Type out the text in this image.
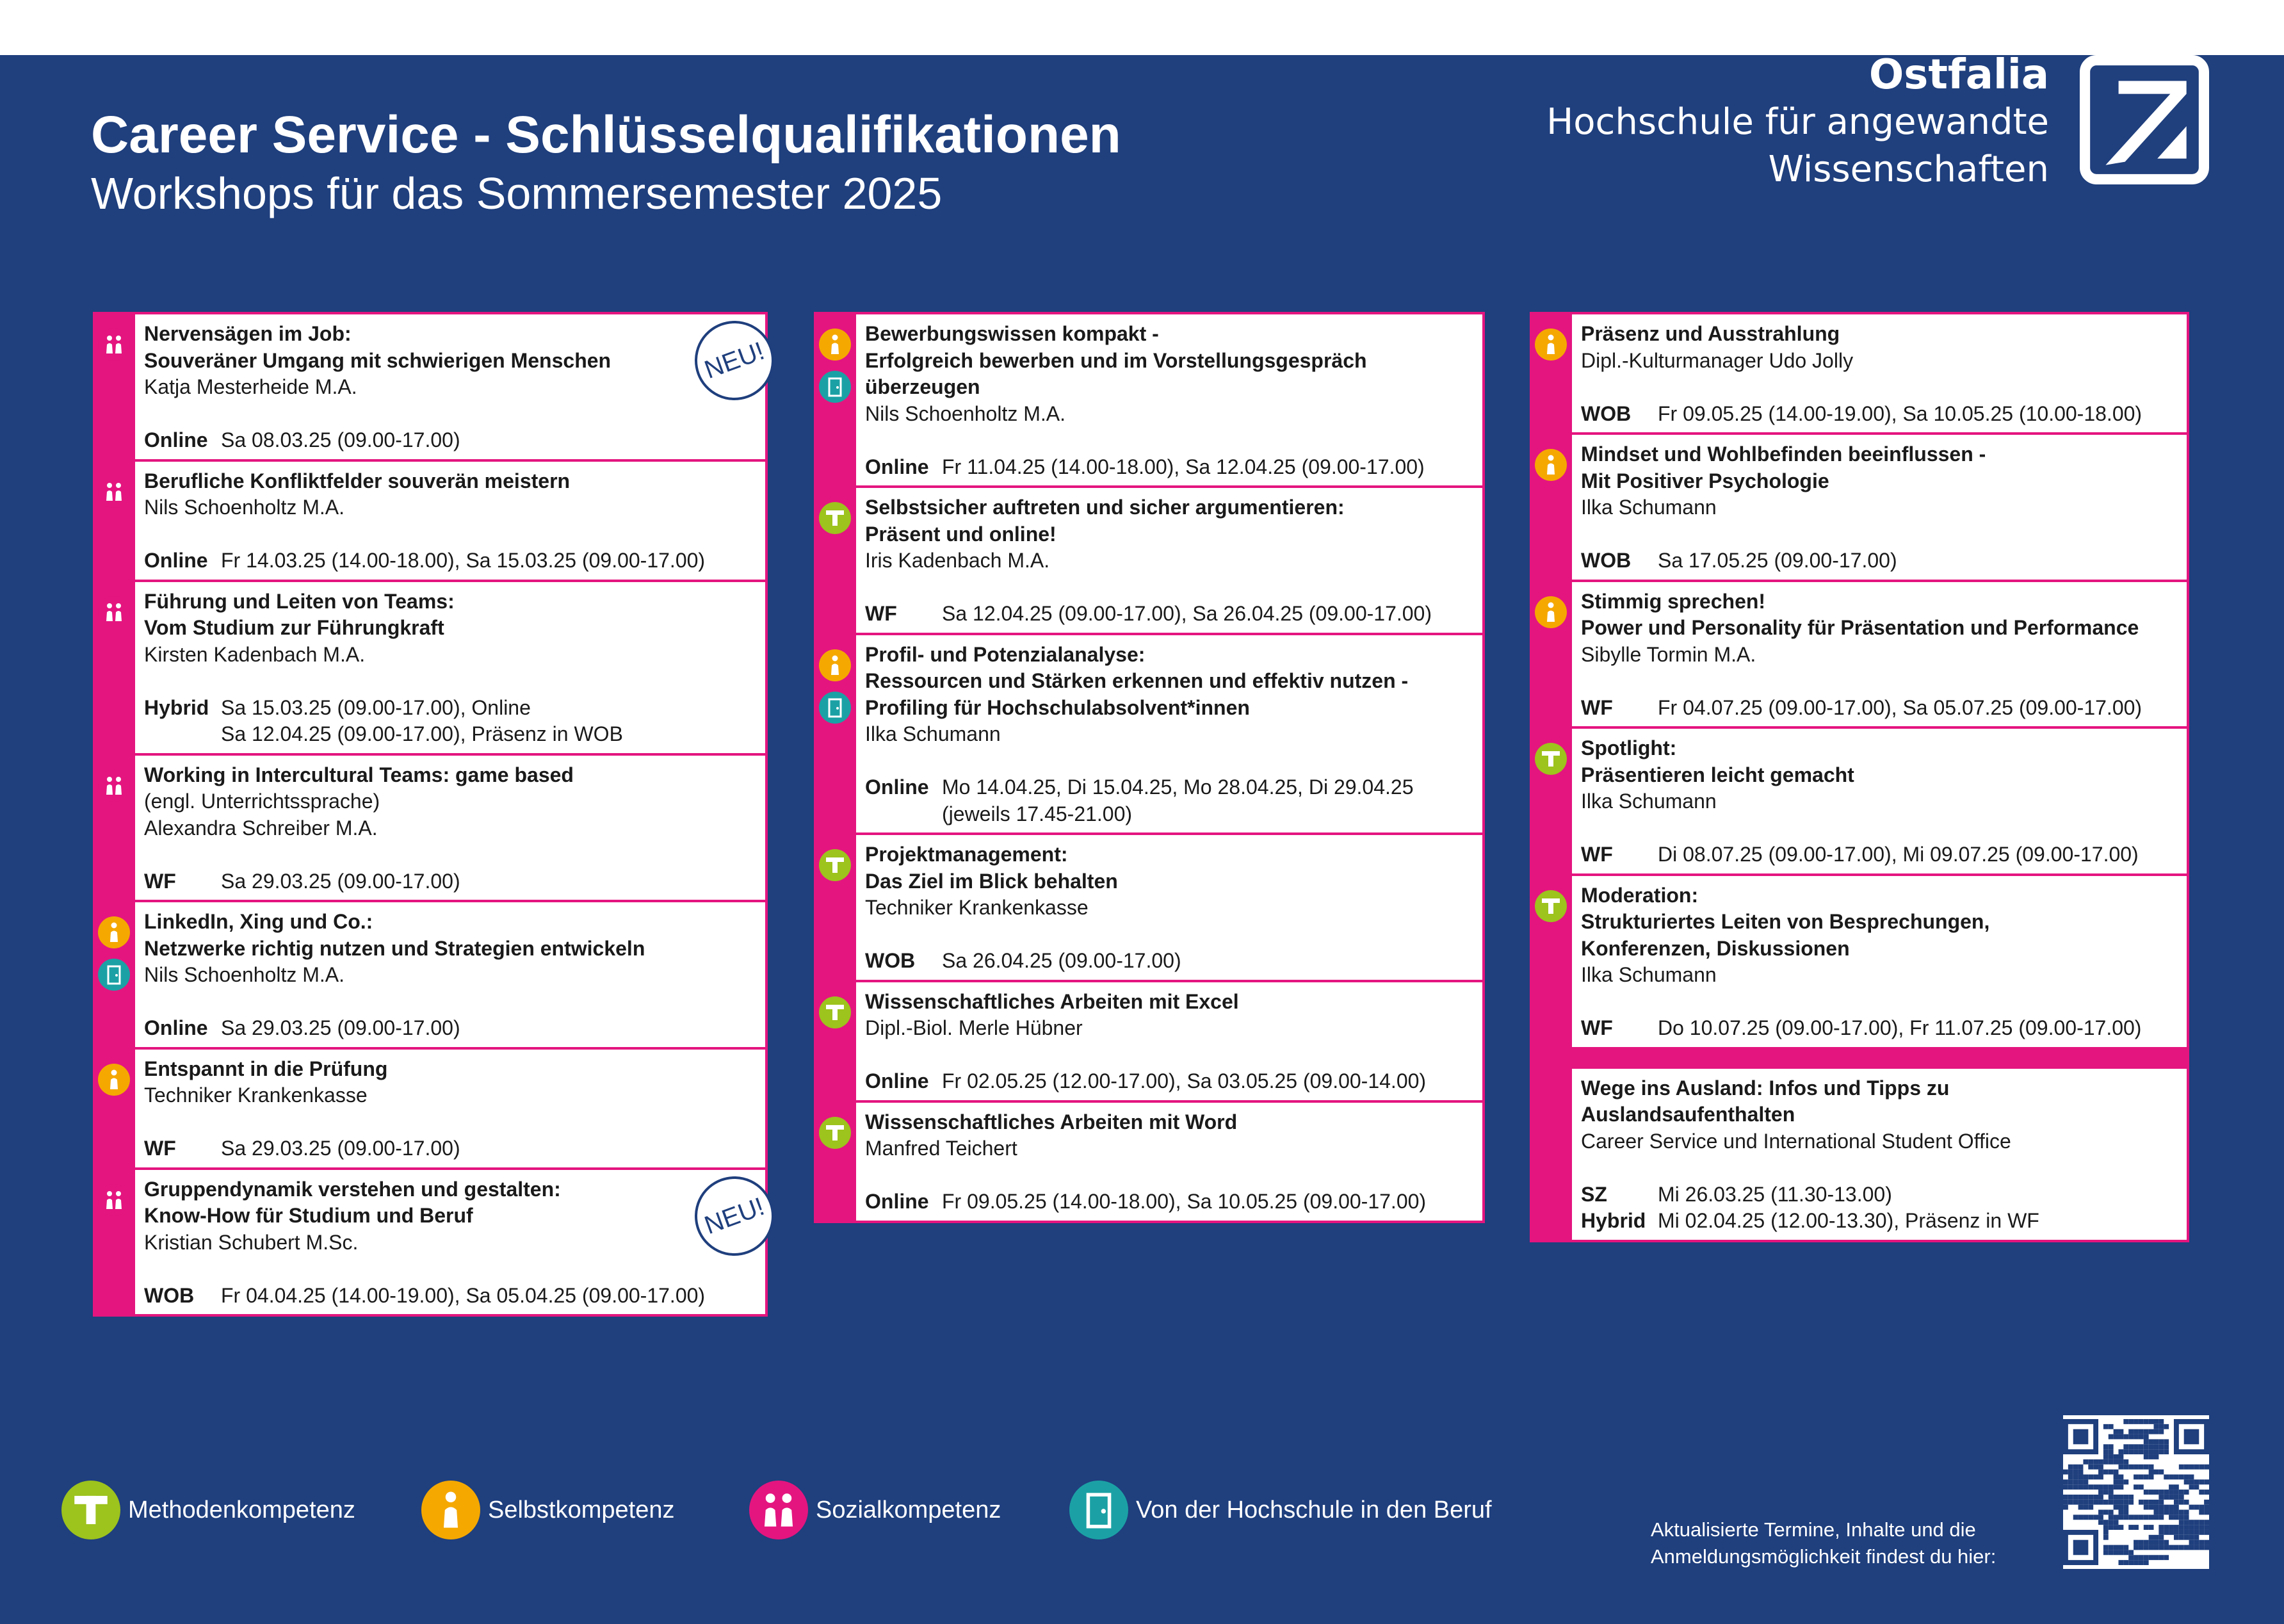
Career Service - Schlüsselqualifikationen
Workshops für das Sommersemester 2025
Ostfalia
Hochschule für angewandte
Wissenschaften
Nervensägen im Job:
Souveräner Umgang mit schwierigen Menschen
Katja Mesterheide M.A.
Online Sa 08.03.25 (09.00-17.00)
NEU!
Berufliche Konfliktfelder souverän meistern
Nils Schoenholtz M.A.
Online Fr 14.03.25 (14.00-18.00), Sa 15.03.25 (09.00-17.00)
Führung und Leiten von Teams:
Vom Studium zur Führungkraft
Kirsten Kadenbach M.A.
Hybrid Sa 15.03.25 (09.00-17.00), Online
Sa 12.04.25 (09.00-17.00), Präsenz in WOB
Working in Intercultural Teams: game based
(engl. Unterrichtssprache)
Alexandra Schreiber M.A.
WF	Sa 29.03.25 (09.00-17.00)
LinkedIn, Xing und Co.:
Netzwerke richtig nutzen und Strategien entwickeln
Nils Schoenholtz M.A.
Online Sa 29.03.25 (09.00-17.00)
Entspannt in die Prüfung
Techniker Krankenkasse
WF	Sa 29.03.25 (09.00-17.00)
Gruppendynamik verstehen und gestalten:
Know-How für Studium und Beruf
Kristian Schubert M.Sc.
WOB	Fr 04.04.25 (14.00-19.00), Sa 05.04.25 (09.00-17.00)
NEU!
Bewerbungswissen kompakt -
Erfolgreich bewerben und im Vorstellungsgespräch
überzeugen
Nils Schoenholtz M.A.
Online Fr 11.04.25 (14.00-18.00), Sa 12.04.25 (09.00-17.00)
Selbstsicher auftreten und sicher argumentieren:
Präsent und online!
Iris Kadenbach M.A.
WF	Sa 12.04.25 (09.00-17.00), Sa 26.04.25 (09.00-17.00)
Profil- und Potenzialanalyse:
Ressourcen und Stärken erkennen und effektiv nutzen -
Profiling für Hochschulabsolvent*innen
Ilka Schumann
Online Mo 14.04.25, Di 15.04.25, Mo 28.04.25, Di 29.04.25
(jeweils 17.45-21.00)
Projektmanagement:
Das Ziel im Blick behalten
Techniker Krankenkasse
WOB	Sa 26.04.25 (09.00-17.00)
Wissenschaftliches Arbeiten mit Excel
Dipl.-Biol. Merle Hübner
Online Fr 02.05.25 (12.00-17.00), Sa 03.05.25 (09.00-14.00)
Wissenschaftliches Arbeiten mit Word
Manfred Teichert
Online Fr 09.05.25 (14.00-18.00), Sa 10.05.25 (09.00-17.00)
Präsenz und Ausstrahlung
Dipl.-Kulturmanager Udo Jolly
WOB	Fr 09.05.25 (14.00-19.00), Sa 10.05.25 (10.00-18.00)
Mindset und Wohlbefinden beeinflussen -
Mit Positiver Psychologie
Ilka Schumann
WOB	Sa 17.05.25 (09.00-17.00)
Stimmig sprechen!
Power und Personality für Präsentation und Performance
Sibylle Tormin M.A.
WF	Fr 04.07.25 (09.00-17.00), Sa 05.07.25 (09.00-17.00)
Spotlight:
Präsentieren leicht gemacht
Ilka Schumann
WF	Di 08.07.25 (09.00-17.00), Mi 09.07.25 (09.00-17.00)
Moderation:
Strukturiertes Leiten von Besprechungen,
Konferenzen, Diskussionen
Ilka Schumann
WF	Do 10.07.25 (09.00-17.00), Fr 11.07.25 (09.00-17.00)
Wege ins Ausland: Infos und Tipps zu
Auslandsaufenthalten
Career Service und International Student Office
SZ	Mi 26.03.25 (11.30-13.00)
Hybrid Mi 02.04.25 (12.00-13.30), Präsenz in WF
Methodenkompetenz	Selbstkompetenz	Sozialkompetenz	Von der Hochschule in den Beruf
Aktualisierte Termine, Inhalte und die
Anmeldungsmöglichkeit findest du hier:
